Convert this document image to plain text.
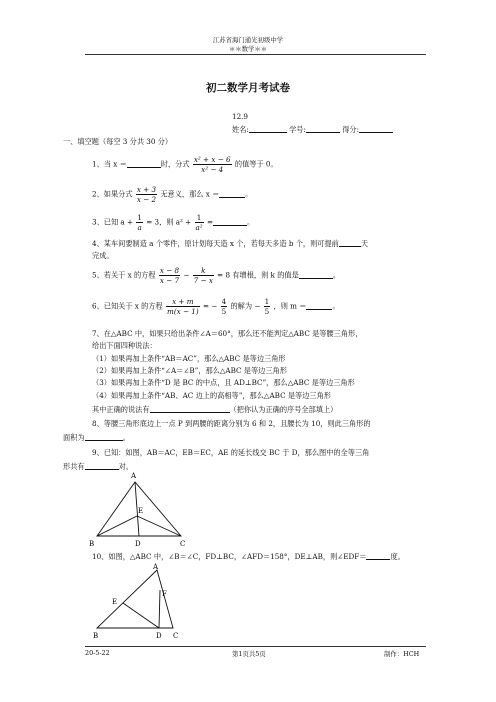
江苏省海门通光初级中学
＊＊数学＊＊
初二数学月考试卷
12.9
姓名:	学号:	得分:
一、填空题（每空 3 分共 30 分）
1、当 x ＝	时，分式 $\frac{\text{x² + x − 6}}{\text{x² − 4}}$ 的值等于 0。
2、如果分式 $\frac{x + 3}{x - 2}$ 无意义，那么 x ＝	。
3、已知 $a + \frac{1}{a} = 3$，则 $a^2 + \frac{1}{\text{a²}}$ =	。
4、某车间要制造 a 个零件，原计划每天造 x 个，若每天多造 b 个，则可提前	天
完成。
5、若关于 x 的方程 $\frac{x - 8}{x - 7} - \frac{k}{7 - x} = 8$ 有增根，则 k 的值是	。
6、已知关于 x 的方程 $\frac{x + m}{m(x - 1)}$ = − $\frac{4}{5}$ 的解为 − $\frac{1}{5}$ ，则 m ＝	。
7、在△ABC 中，如果只给出条件∠A＝60°，那么还不能判定△ABC 是等腰三角形，
给出下面四种说法：
（1）如果再加上条件“AB＝AC”，那么△ABC 是等边三角形
（2）如果再加上条件“∠A＝∠B”，那么△ABC 是等边三角形
（3）如果再加上条件“D 是 BC 的中点，且 AD⊥BC”，那么△ABC 是等边三角形
（4）如果再加上条件“AB、AC 边上的高相等”，那么△ABC 是等边三角形
其中正确的说法有	（把你认为正确的序号全部填上）
8、等腰三角形底边上一点 P 到两腰的距离分别为 6 和 2，且腰长为 10，则此三角形的
面积为	。
9、已知：如图，AB＝AC，EB＝EC，AE 的延长线交 BC 于 D，那么图中的全等三角
形共有	对。
A
E
B	D	C
10、如图，△ABC 中，∠B＝∠C，FD⊥BC，∠AFD＝158°，DE⊥AB，则∠EDF＝	度。
A
E
F
B	D C
20-5-22	第1页共5页	制作：HCH
